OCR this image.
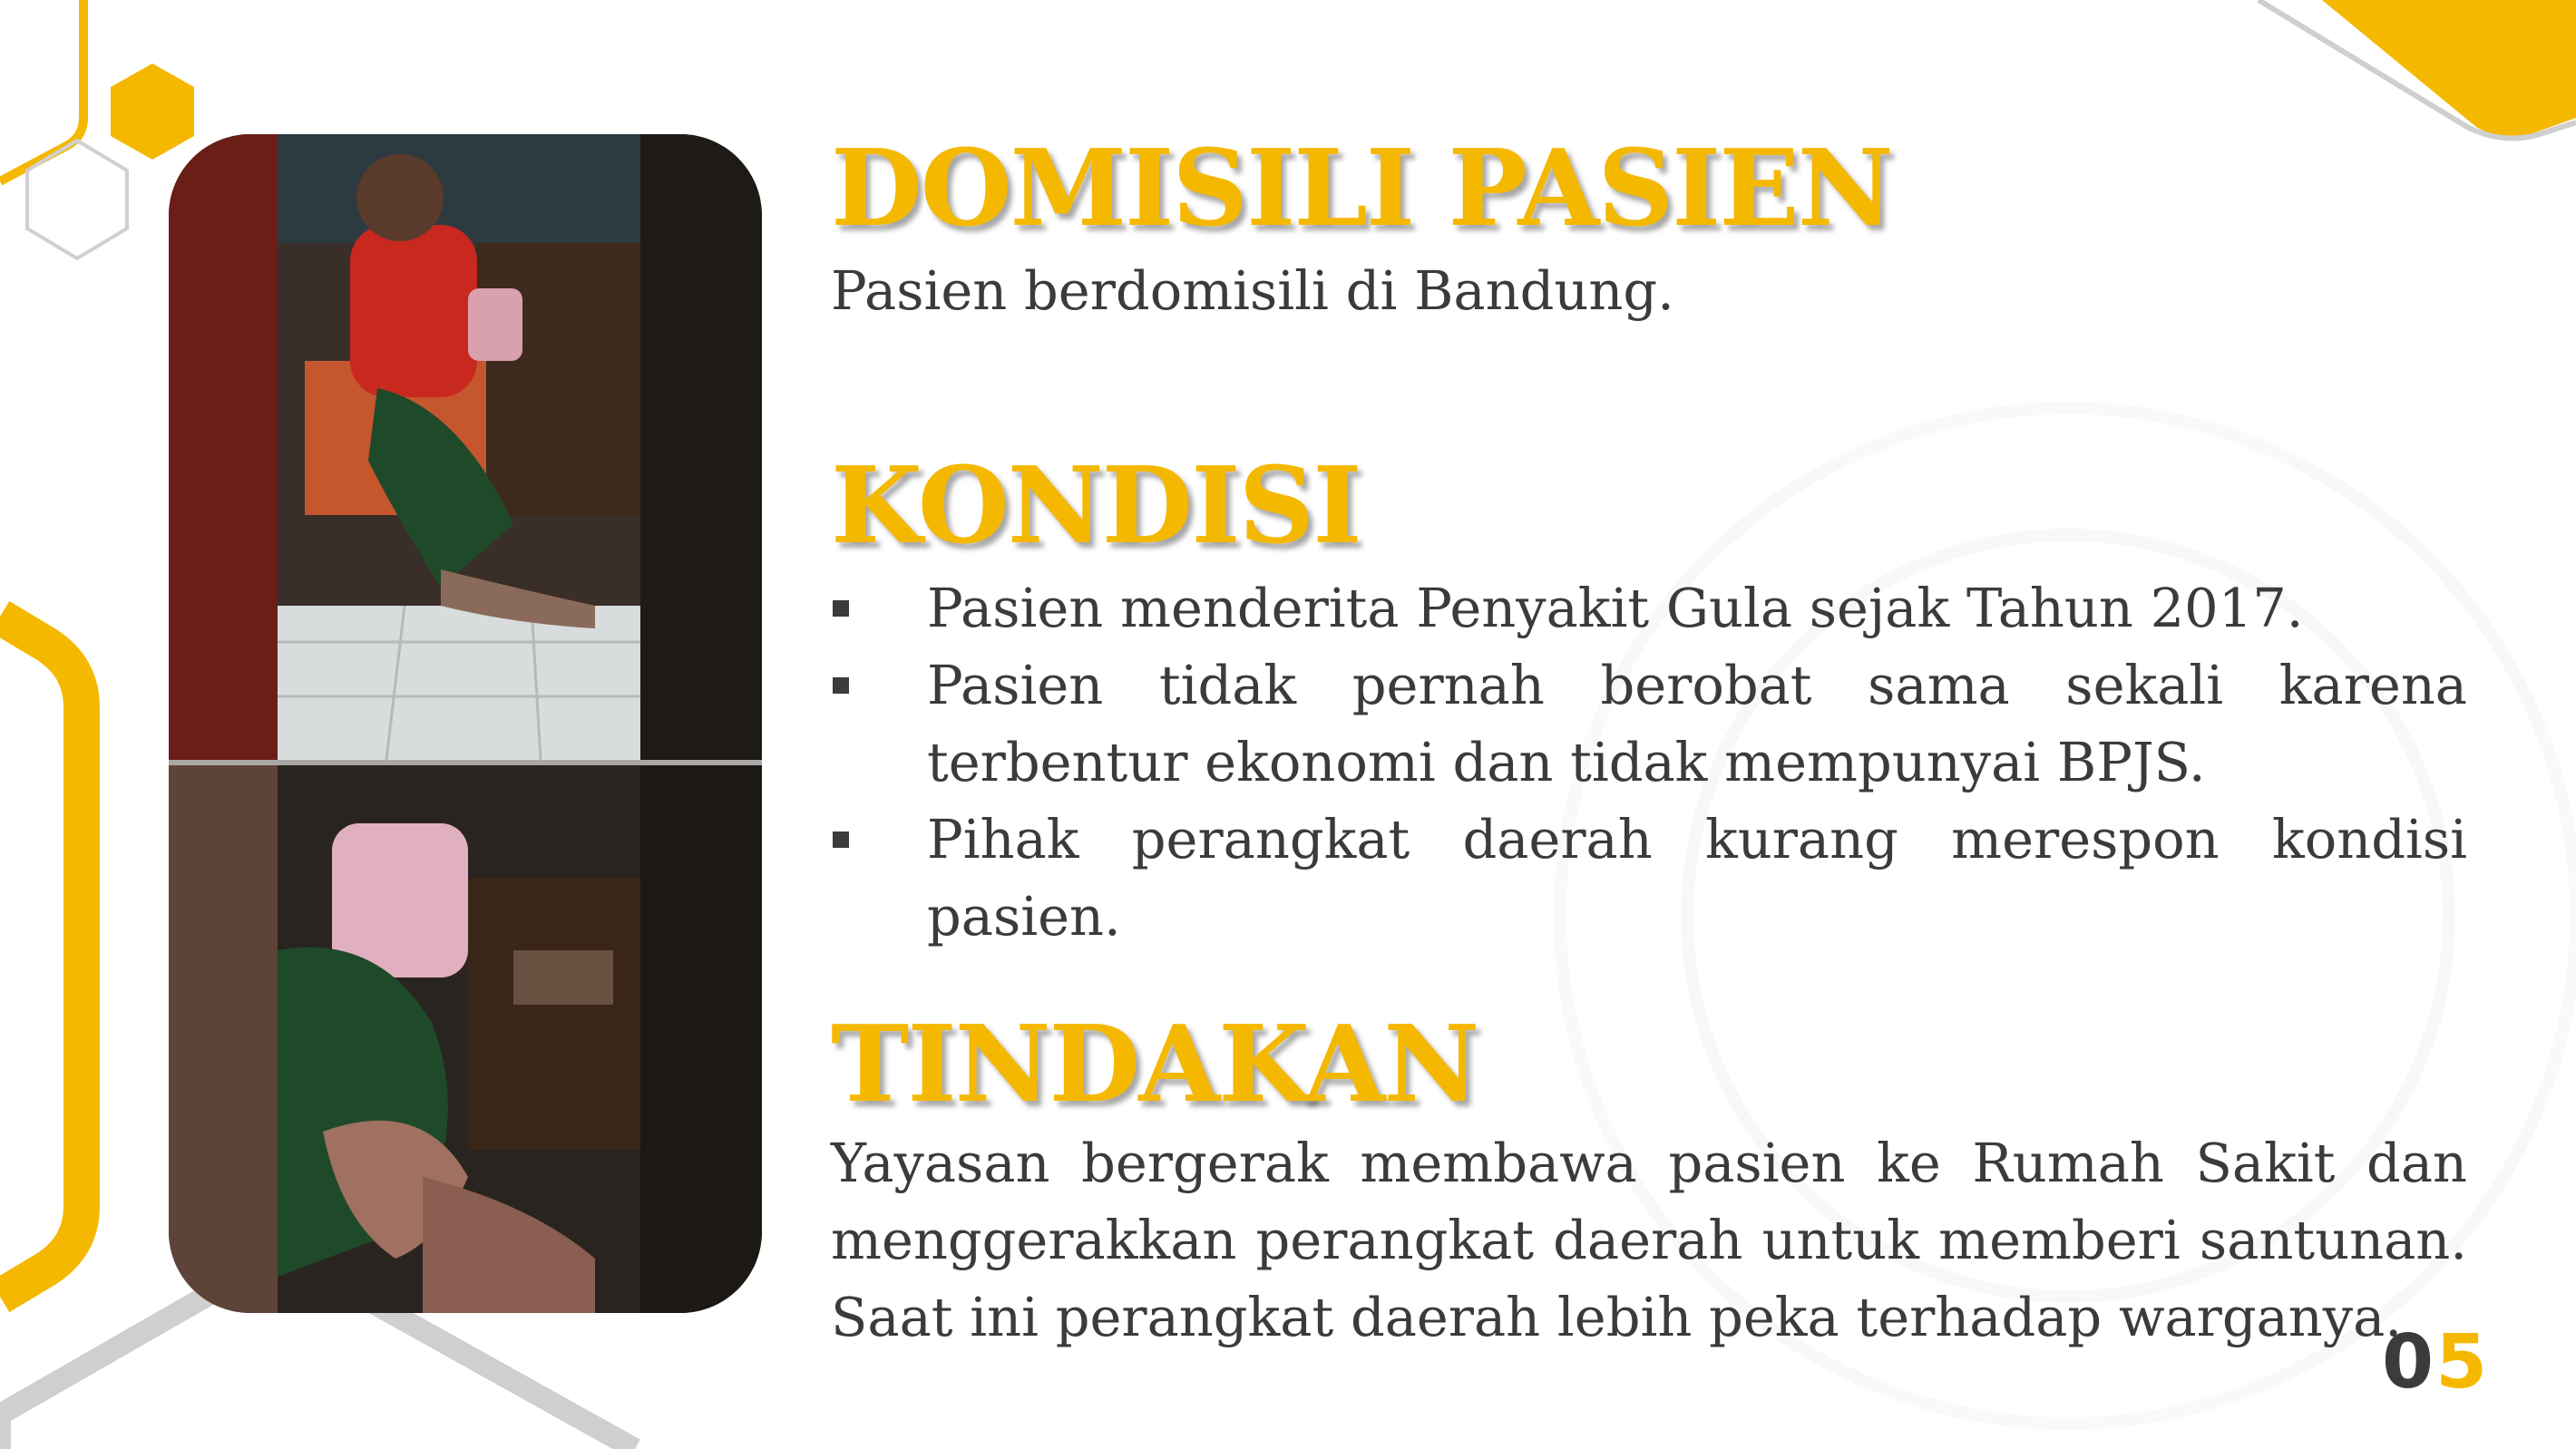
DOMISILI PASIEN

Pasien berdomisili di Bandung.

KONDISI
Pasien menderita Penyakit Gula sejak Tahun 2017.
Pasien tidak pernah berobat sama sekali karena terbentur ekonomi dan tidak mempunyai BPJS.
Pihak perangkat daerah kurang merespon kondisi pasien.
TINDAKAN

Yayasan bergerak membawa pasien ke Rumah Sakit dan menggerakkan perangkat daerah untuk memberi santunan. Saat ini perangkat daerah lebih peka terhadap warganya.

05
